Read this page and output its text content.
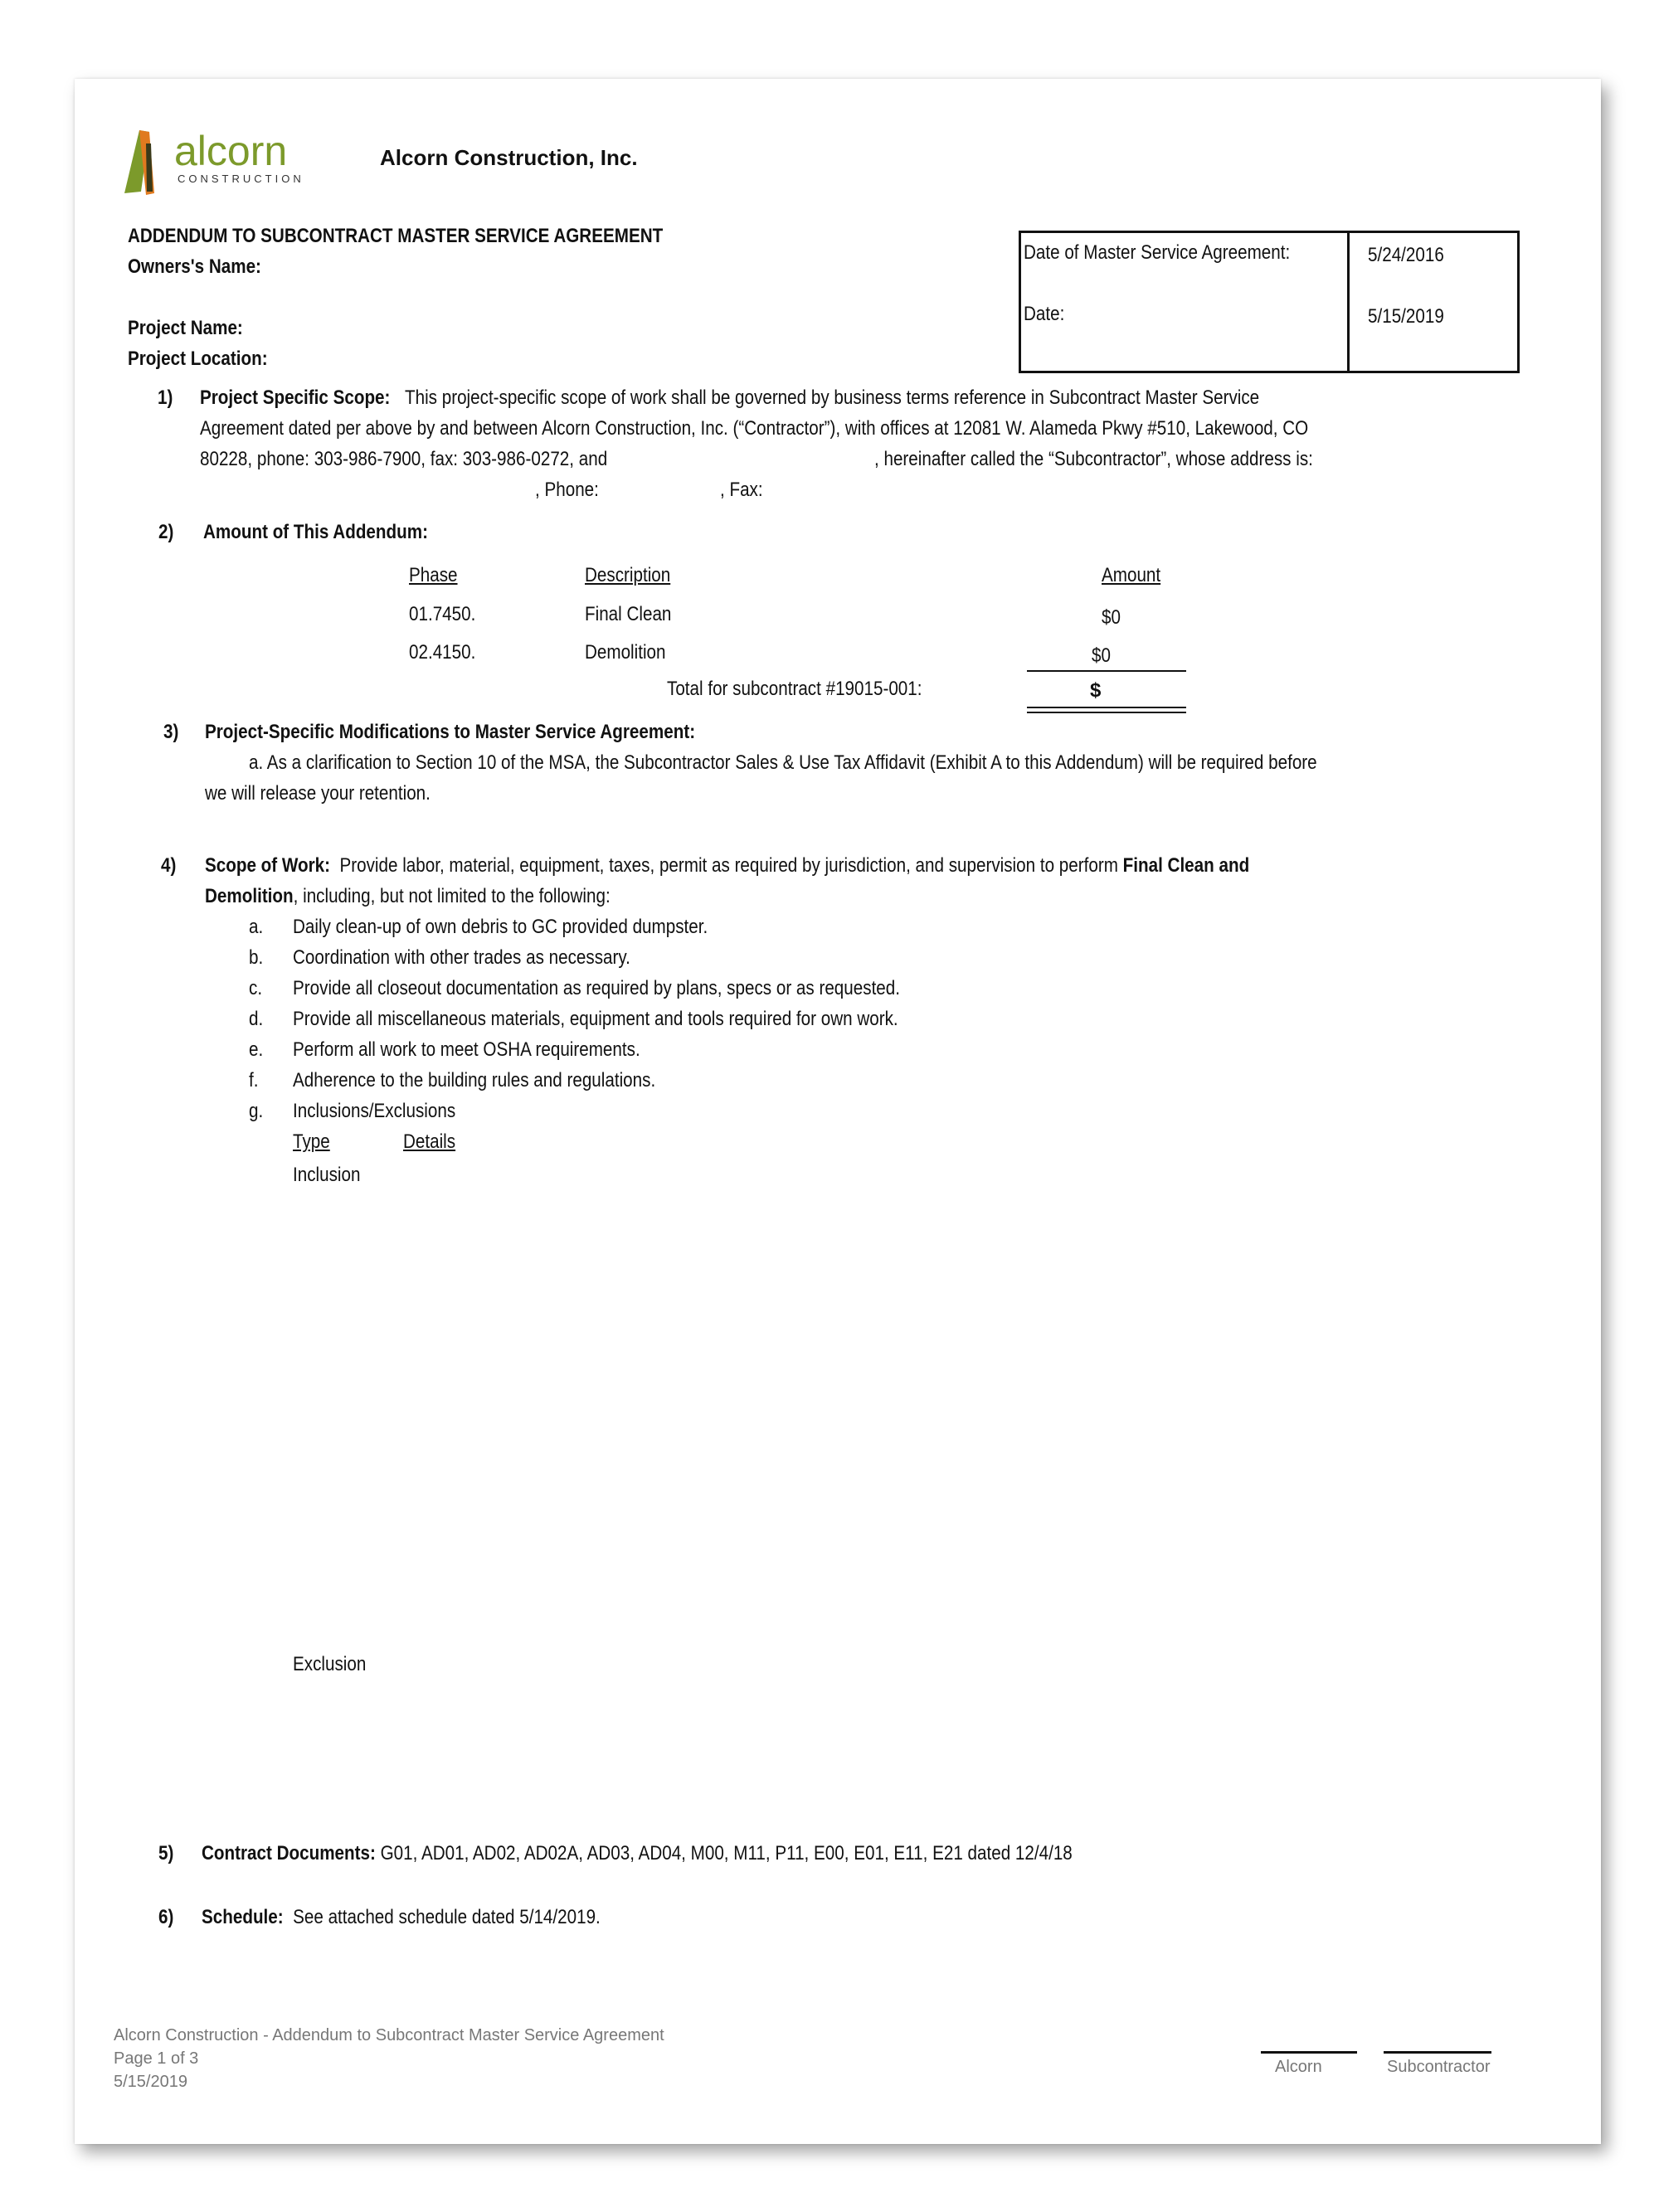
alcorn
CONSTRUCTION
Alcorn Construction, Inc.
ADDENDUM TO SUBCONTRACT MASTER SERVICE AGREEMENT
Owners's Name:
Project Name:
Project Location:
Date of Master Service Agreement:	5/24/2016
Date:	5/15/2019
1) Project Specific Scope: This project-specific scope of work shall be governed by business terms reference in Subcontract Master Service
Agreement dated per above by and between Alcorn Construction, Inc. (“Contractor”), with offices at 12081 W. Alameda Pkwy #510, Lakewood, CO
80228, phone: 303-986-7900, fax: 303-986-0272, and	, hereinafter called the “Subcontractor”, whose address is:
, Phone:	, Fax:
2) Amount of This Addendum:
Phase	Description	Amount
01.7450.	Final Clean	$0
02.4150.	Demolition	$0
Total for subcontract #19015-001:	$
3) Project-Specific Modifications to Master Service Agreement:
a. As a clarification to Section 10 of the MSA, the Subcontractor Sales & Use Tax Affidavit (Exhibit A to this Addendum) will be required before
we will release your retention.
4) Scope of Work: Provide labor, material, equipment, taxes, permit as required by jurisdiction, and supervision to perform Final Clean and
Demolition, including, but not limited to the following:
a. Daily clean-up of own debris to GC provided dumpster.
b. Coordination with other trades as necessary.
c. Provide all closeout documentation as required by plans, specs or as requested.
d. Provide all miscellaneous materials, equipment and tools required for own work.
e. Perform all work to meet OSHA requirements.
f. Adherence to the building rules and regulations.
g. Inclusions/Exclusions
Type	Details
Inclusion
Exclusion
5) Contract Documents: G01, AD01, AD02, AD02A, AD03, AD04, M00, M11, P11, E00, E01, E11, E21 dated 12/4/18
6) Schedule: See attached schedule dated 5/14/2019.
Alcorn Construction - Addendum to Subcontract Master Service Agreement
Page 1 of 3
5/15/2019
Alcorn	Subcontractor
